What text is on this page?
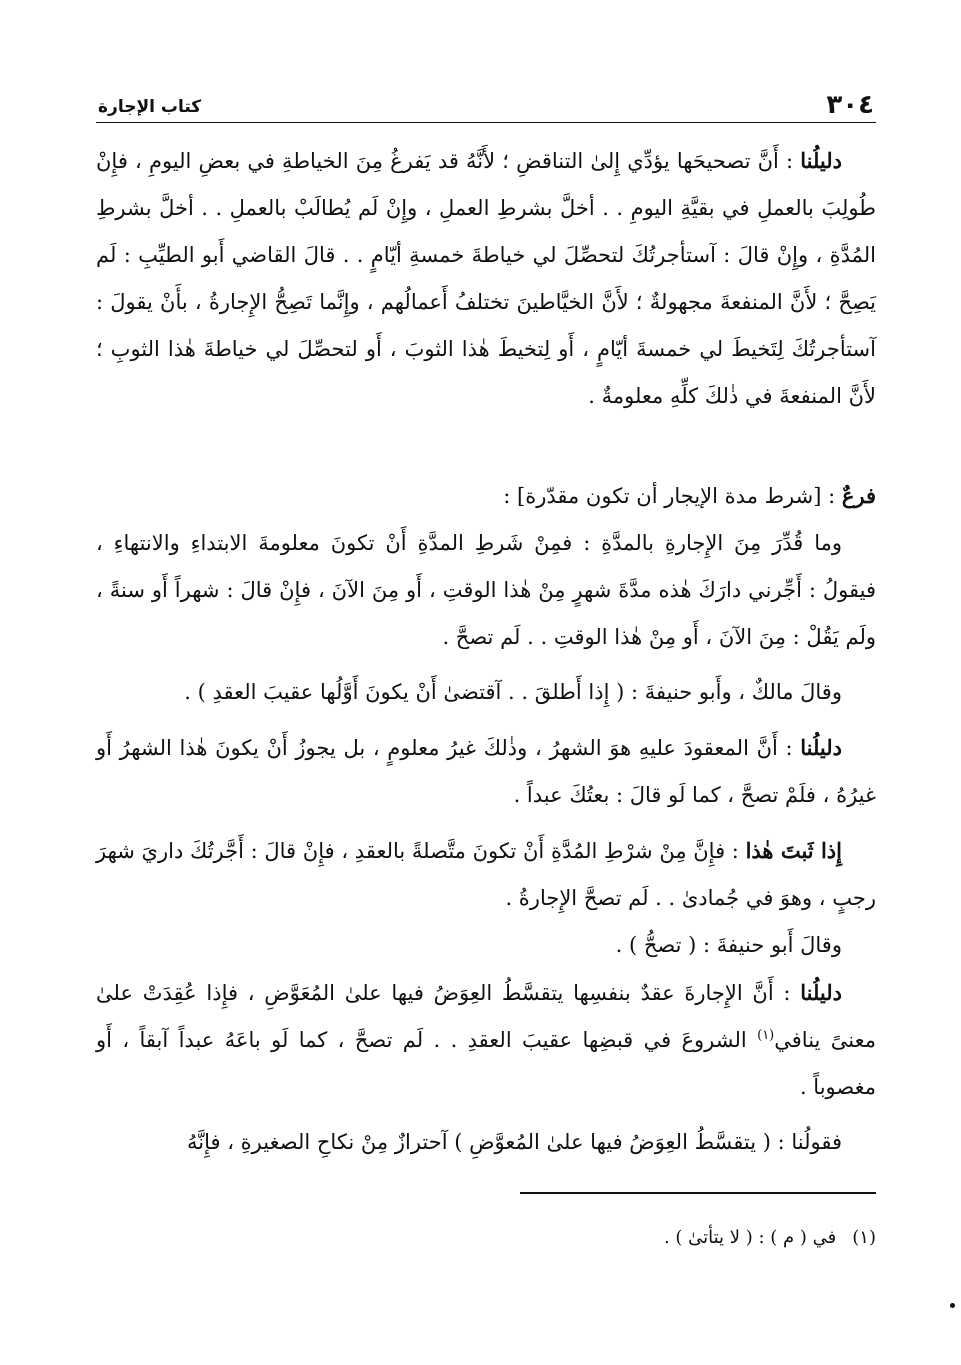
٣٠٤
كتاب الإجارة

دليلُنا : أَنَّ تصحيحَها يؤدِّي إِلىٰ التناقضِ ؛ لأَنَّهُ قد يَفرغُ مِنَ الخياطةِ في بعضِ اليومِ ، فإِنْ طُولِبَ بالعملِ في بقيَّةِ اليومِ . . أخلَّ بشرطِ العملِ ، وإِنْ لَم يُطالَبْ بالعملِ . . أخلَّ بشرطِ المُدَّةِ ، وإِنْ قالَ : آستأجرتُكَ لتحصِّلَ لي خياطةَ خمسةِ أيّامٍ . . قالَ القاضي أَبو الطيِّبِ : لَم يَصِحَّ ؛ لأَنَّ المنفعةَ مجهولةٌ ؛ لأَنَّ الخيَّاطينَ تختلفُ أَعمالُهم ، وإِنَّما تَصِحُّ الإِجارةُ ، بأَنْ يقولَ : آستأجرتُكَ لِتَخيطَ لي خمسةَ أيّامٍ ، أَو لِتخيطَ هٰذا الثوبَ ، أَو لتحصِّلَ لي خياطةَ هٰذا الثوبِ ؛ لأَنَّ المنفعةَ في ذٰلكَ كلِّهِ معلومةٌ .

فرعٌ : [شرط مدة الإيجار أن تكون مقدّرة] :

وما قُدِّرَ مِنَ الإِجارةِ بالمدَّةِ : فمِنْ شَرطِ المدَّةِ أَنْ تكونَ معلومةَ الابتداءِ والانتهاءِ ، فيقولُ : أَجِّرني دارَكَ هٰذه مدَّةَ شهرٍ مِنْ هٰذا الوقتِ ، أَو مِنَ الآنَ ، فإِنْ قالَ : شهراً أَو سنةً ، ولَم يَقُلْ : مِنَ الآنَ ، أَو مِنْ هٰذا الوقتِ . . لَم تصحَّ .

وقالَ مالكٌ ، وأَبو حنيفةَ : ( إِذا أَطلقَ . . آقتضىٰ أَنْ يكونَ أَوَّلُها عقيبَ العقدِ ) .

دليلُنا : أَنَّ المعقودَ عليهِ هوَ الشهرُ ، وذٰلكَ غيرُ معلومٍ ، بل يجوزُ أَنْ يكونَ هٰذا الشهرُ أَو غيرُهُ ، فلَمْ تصحَّ ، كما لَو قالَ : بعتُكَ عبداً .

إِذا ثَبتَ هٰذا : فإِنَّ مِنْ شرْطِ المُدَّةِ أَنْ تكونَ متَّصلةً بالعقدِ ، فإِنْ قالَ : أَجَّرتُكَ داريَ شهرَ رجبٍ ، وهوَ في جُمادىٰ . . لَم تصحَّ الإِجارةُ .

وقالَ أَبو حنيفةَ : ( تصحُّ ) .

دليلُنا : أَنَّ الإِجارةَ عقدٌ بنفسِها يتقسَّطُ العِوَضُ فيها علىٰ المُعَوَّضِ ، فإِذا عُقِدَتْ علىٰ معنىً ينافي$^{(١)}$ الشروعَ في قبضِها عقيبَ العقدِ . . لَم تصحَّ ، كما لَو باعَهُ عبداً آبقاً ، أَو مغصوباً .

فقولُنا : ( يتقسَّطُ العِوَضُ فيها علىٰ المُعوَّضِ ) آحترازٌ مِنْ نكاحِ الصغيرةِ ، فإِنَّهُ

(١)في ( م ) : ( لا يتأتىٰ ) .
